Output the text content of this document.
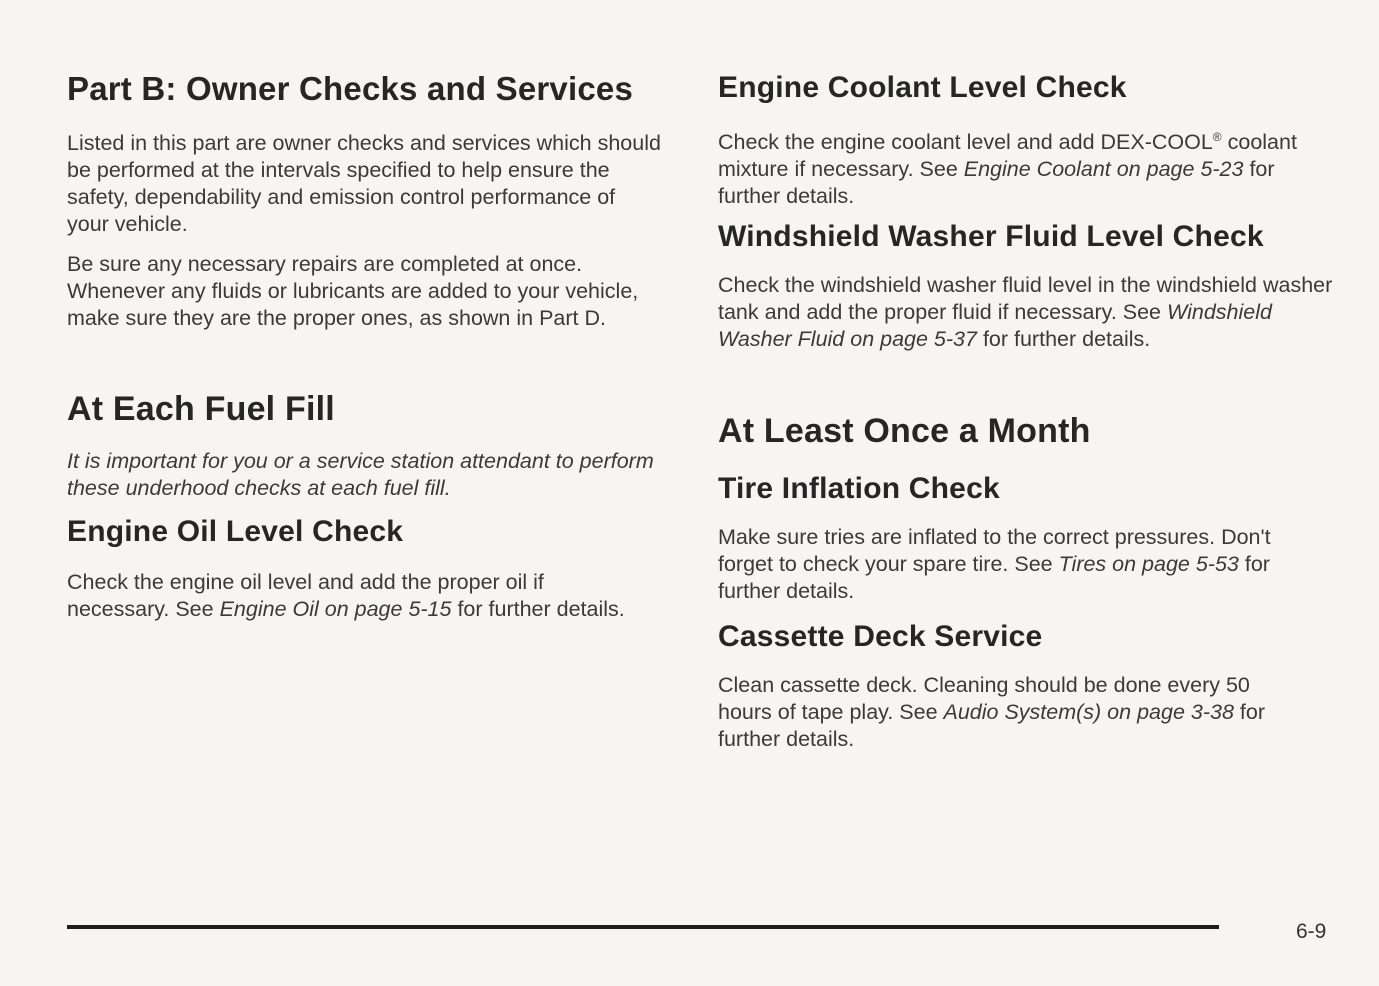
Part B: Owner Checks and Services

Listed in this part are owner checks and services which should be performed at the intervals specified to help ensure the safety, dependability and emission control performance of your vehicle.

Be sure any necessary repairs are completed at once. Whenever any fluids or lubricants are added to your vehicle, make sure they are the proper ones, as shown in Part D.

At Each Fuel Fill

It is important for you or a service station attendant to perform these underhood checks at each fuel fill.

Engine Oil Level Check

Check the engine oil level and add the proper oil if necessary. See Engine Oil on page 5-15 for further details.

Engine Coolant Level Check

Check the engine coolant level and add DEX-COOL® coolant mixture if necessary. See Engine Coolant on page 5-23 for further details.

Windshield Washer Fluid Level Check

Check the windshield washer fluid level in the windshield washer tank and add the proper fluid if necessary. See Windshield Washer Fluid on page 5-37 for further details.

At Least Once a Month
Tire Inflation Check

Make sure tries are inflated to the correct pressures. Don't forget to check your spare tire. See Tires on page 5-53 for further details.

Cassette Deck Service

Clean cassette deck. Cleaning should be done every 50 hours of tape play. See Audio System(s) on page 3-38 for further details.

6-9
